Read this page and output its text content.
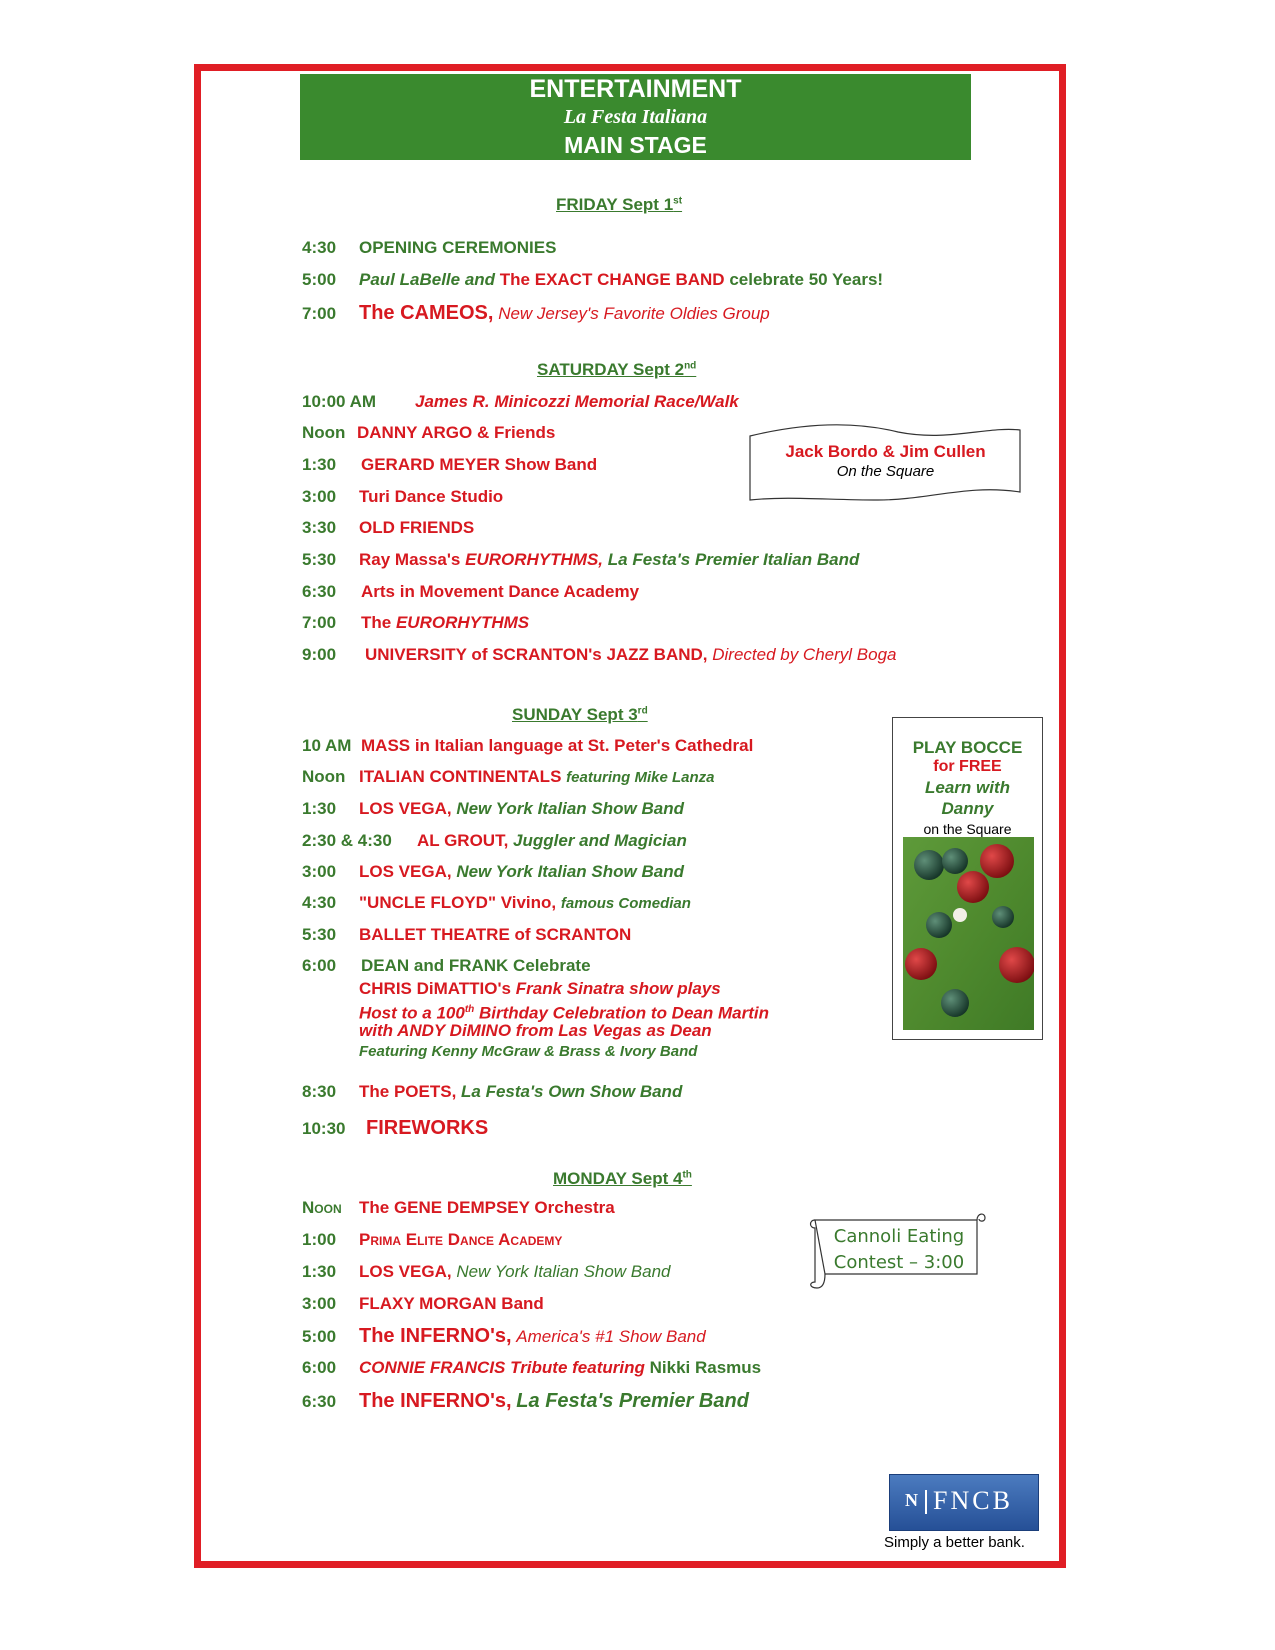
ENTERTAINMENT
La Festa Italiana
MAIN STAGE
FRIDAY Sept 1st
4:30 OPENING CEREMONIES
5:00 Paul LaBelle and The EXACT CHANGE BAND celebrate 50 Years!
7:00 The CAMEOS, New Jersey's Favorite Oldies Group
SATURDAY Sept 2nd
10:00 AM James R. Minicozzi Memorial Race/Walk
Noon DANNY ARGO & Friends
1:30 GERARD MEYER Show Band
3:00 Turi Dance Studio
3:30 OLD FRIENDS
5:30 Ray Massa's EURORHYTHMS, La Festa's Premier Italian Band
6:30 Arts in Movement Dance Academy
7:00 The EURORHYTHMS
9:00 UNIVERSITY of SCRANTON's JAZZ BAND, Directed by Cheryl Boga
SUNDAY Sept 3rd
10 AM MASS in Italian language at St. Peter's Cathedral
Noon ITALIAN CONTINENTALS featuring Mike Lanza
1:30 LOS VEGA, New York Italian Show Band
2:30 & 4:30 AL GROUT, Juggler and Magician
3:00 LOS VEGA, New York Italian Show Band
4:30 "UNCLE FLOYD" Vivino, famous Comedian
5:30 BALLET THEATRE of SCRANTON
6:00 DEAN and FRANK Celebrate
CHRIS DiMATTIO's Frank Sinatra show plays
Host to a 100th Birthday Celebration to Dean Martin
with ANDY DiMINO from Las Vegas as Dean
Featuring Kenny McGraw & Brass & Ivory Band
8:30 The POETS, La Festa's Own Show Band
10:30 FIREWORKS
MONDAY Sept 4th
Noon The GENE DEMPSEY Orchestra
1:00 Prima Elite Dance Academy
1:30 LOS VEGA, New York Italian Show Band
3:00 FLAXY MORGAN Band
5:00 The INFERNO's, America's #1 Show Band
6:00 CONNIE FRANCIS Tribute featuring Nikki Rasmus
6:30 The INFERNO's, La Festa's Premier Band
Jack Bordo & Jim Cullen
On the Square
PLAY BOCCE
for FREE
Learn with
Danny
on the Square
Cannoli Eating
Contest – 3:00
N FNCB
Simply a better bank.
